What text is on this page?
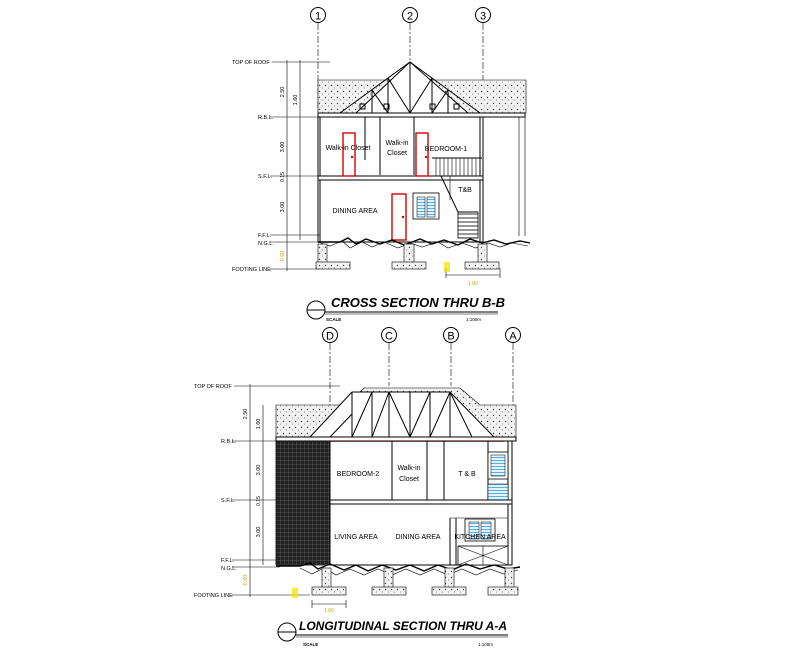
1	2	3
TOP OF ROOF
R.B.L.
S.F.L.
F.F.L.
N.G.L.
FOOTING LINE
2.50
1.60
3.00
0.15
3.00
0.60
Walk-in Closet
Walk-in
Closet
BEDROOM-1
T&B
DINING AREA
1.00
CROSS SECTION THRU B-B
SCALE	1:100m
D	C	B	A
TOP OF ROOF
R.B.L.
S.F.L.
F.F.L.
N.G.L.
FOOTING LINE
2.50
1.60
3.00
0.15
3.00
0.60
BEDROOM-2
Walk-in
Closet
T & B
LIVING AREA	DINING AREA KITCHEN AREA
1.00
LONGITUDINAL SECTION THRU A-A
SCALE	1:100m
